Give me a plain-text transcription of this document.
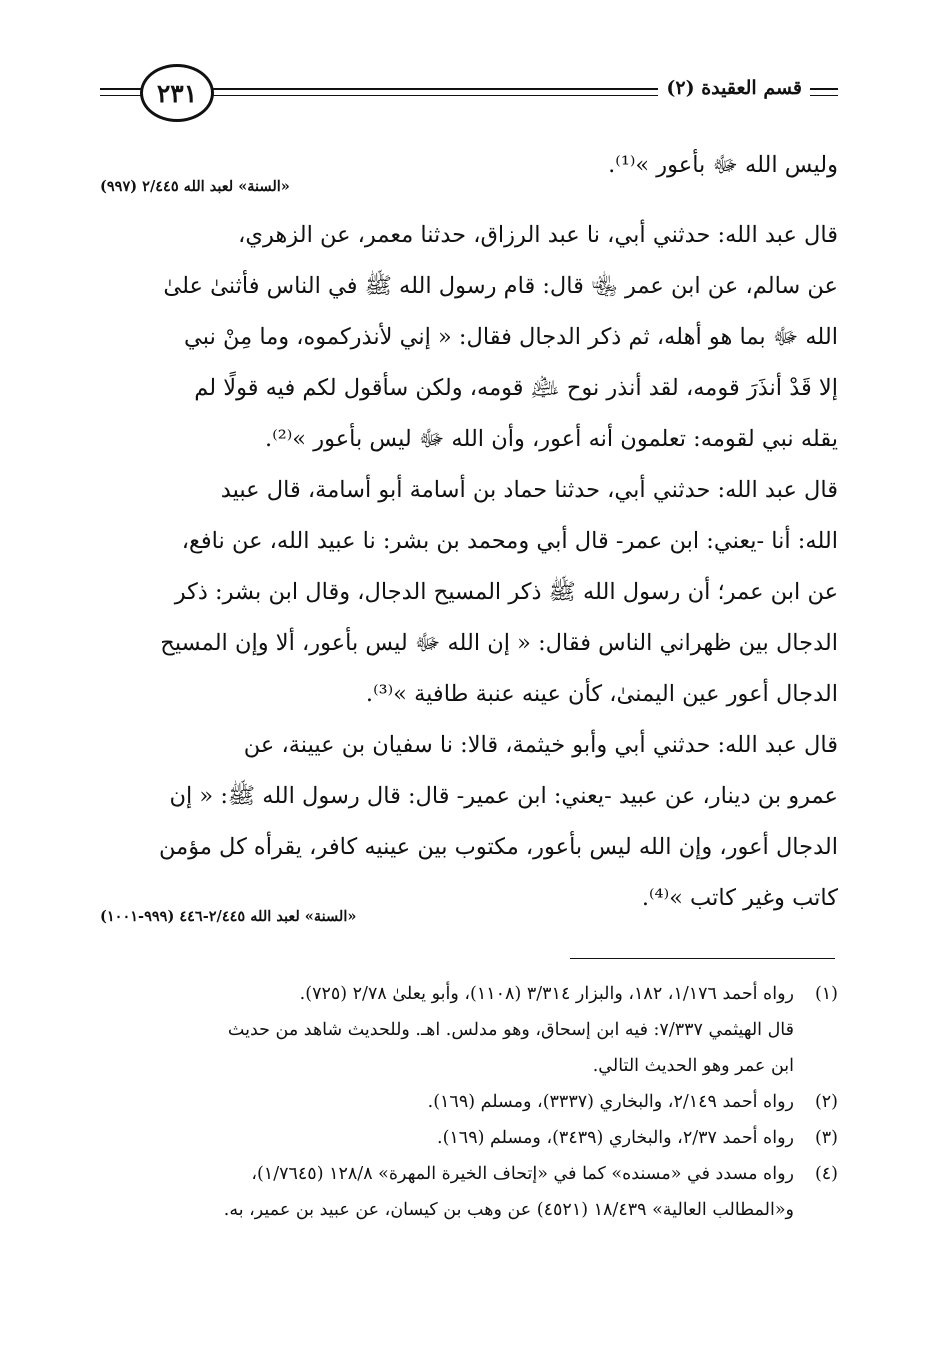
٢٣١	قسم العقيدة (٢)
وليس الله ﷻ بأعور »⁽¹⁾.
«السنة» لعبد الله ٢/٤٤٥ (٩٩٧)
قال عبد الله: حدثني أبي، نا عبد الرزاق، حدثنا معمر، عن الزهري،
عن سالم، عن ابن عمر ﵄ قال: قام رسول الله ﷺ في الناس فأثنىٰ علىٰ
الله ﷻ بما هو أهله، ثم ذكر الدجال فقال: « إني لأنذركموه، وما مِنْ نبي
إلا قَدْ أنذَرَ قومه، لقد أنذر نوح ﵇ قومه، ولكن سأقول لكم فيه قولًا لم
يقله نبي لقومه: تعلمون أنه أعور، وأن الله ﷻ ليس بأعور »⁽²⁾.
قال عبد الله: حدثني أبي، حدثنا حماد بن أسامة أبو أسامة، قال عبيد
الله: أنا -يعني: ابن عمر- قال أبي ومحمد بن بشر: نا عبيد الله، عن نافع،
عن ابن عمر؛ أن رسول الله ﷺ ذكر المسيح الدجال، وقال ابن بشر: ذكر
الدجال بين ظهراني الناس فقال: « إن الله ﷻ ليس بأعور، ألا وإن المسيح
الدجال أعور عين اليمنىٰ، كأن عينه عنبة طافية »⁽³⁾.
قال عبد الله: حدثني أبي وأبو خيثمة، قالا: نا سفيان بن عيينة، عن
عمرو بن دينار، عن عبيد -يعني: ابن عمير- قال: قال رسول الله ﷺ: « إن
الدجال أعور، وإن الله ليس بأعور، مكتوب بين عينيه كافر، يقرأه كل مؤمن
كاتب وغير كاتب »⁽⁴⁾.
«السنة» لعبد الله ٢/٤٤٥-٤٤٦ (٩٩٩-١٠٠١)
(١)
رواه أحمد ١/١٧٦، ١٨٢، والبزار ٣/٣١٤ (١١٠٨)، وأبو يعلىٰ ٢/٧٨ (٧٢٥).
قال الهيثمي ٧/٣٣٧: فيه ابن إسحاق، وهو مدلس. اهـ. وللحديث شاهد من حديث
ابن عمر وهو الحديث التالي.
(٢)
رواه أحمد ٢/١٤٩، والبخاري (٣٣٣٧)، ومسلم (١٦٩).
(٣)
رواه أحمد ٢/٣٧، والبخاري (٣٤٣٩)، ومسلم (١٦٩).
(٤)
رواه مسدد في «مسنده» كما في «إتحاف الخيرة المهرة» ١٢٨/٨ (١/٧٦٤٥)،
و«المطالب العالية» ١٨/٤٣٩ (٤٥٢١) عن وهب بن كيسان، عن عبيد بن عمير، به.
